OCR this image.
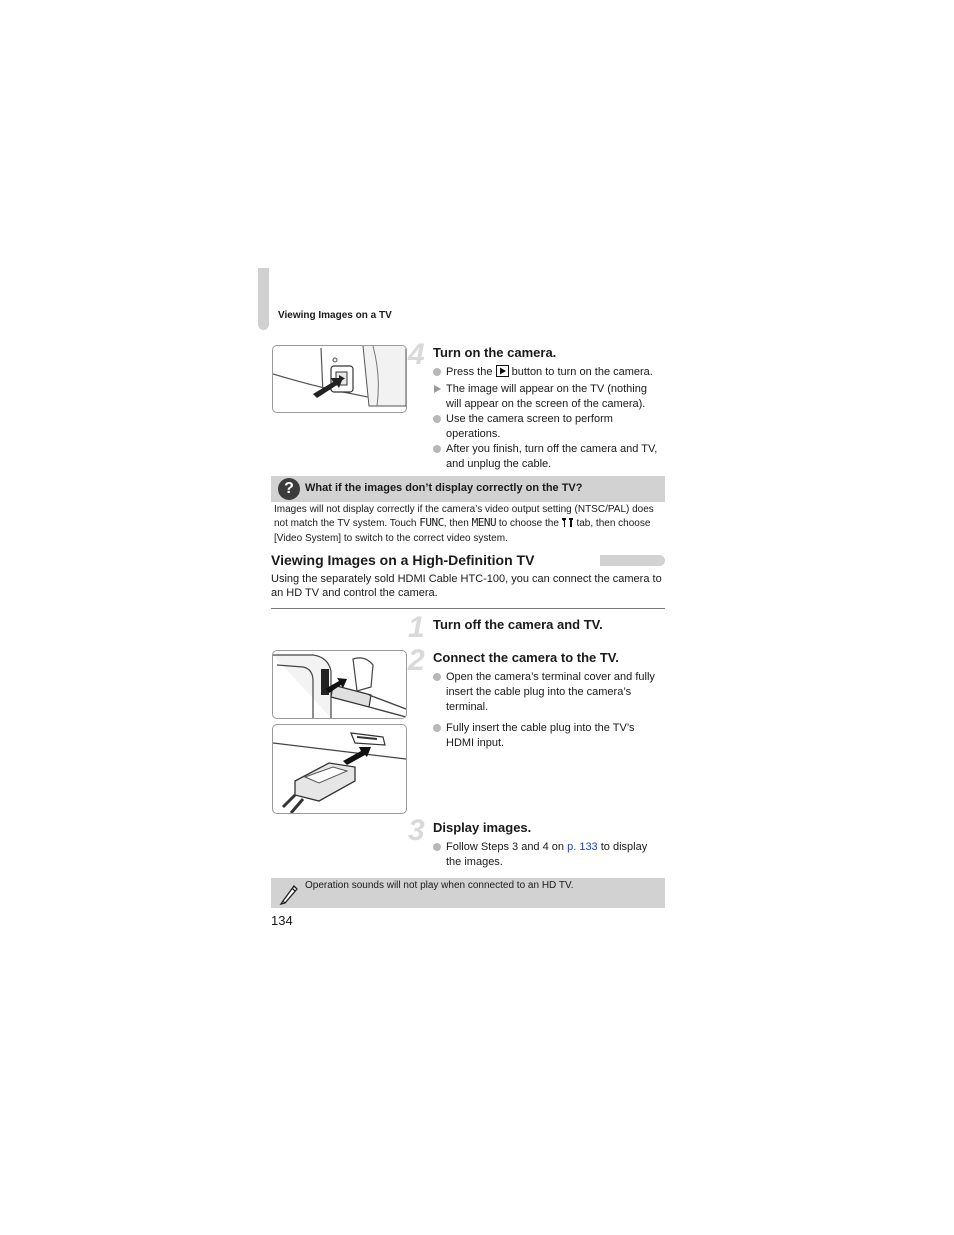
Viewing Images on a TV
4 Turn on the camera.
Press the button to turn on the camera.
The image will appear on the TV (nothing will appear on the screen of the camera).
Use the camera screen to perform operations.
After you finish, turn off the camera and TV, and unplug the cable.
?	What if the images don’t display correctly on the TV?
Images will not display correctly if the camera’s video output setting (NTSC/PAL) does not match the TV system. Touch FUNC, then MENU to choose the tab, then choose [Video System] to switch to the correct video system.
Viewing Images on a High-Definition TV
Using the separately sold HDMI Cable HTC-100, you can connect the camera to an HD TV and control the camera.
1 Turn off the camera and TV.
2 Connect the camera to the TV.
Open the camera’s terminal cover and fully insert the cable plug into the camera’s terminal.
Fully insert the cable plug into the TV’s HDMI input.
3 Display images.
Follow Steps 3 and 4 on p. 133 to display the images.
Operation sounds will not play when connected to an HD TV.
134
